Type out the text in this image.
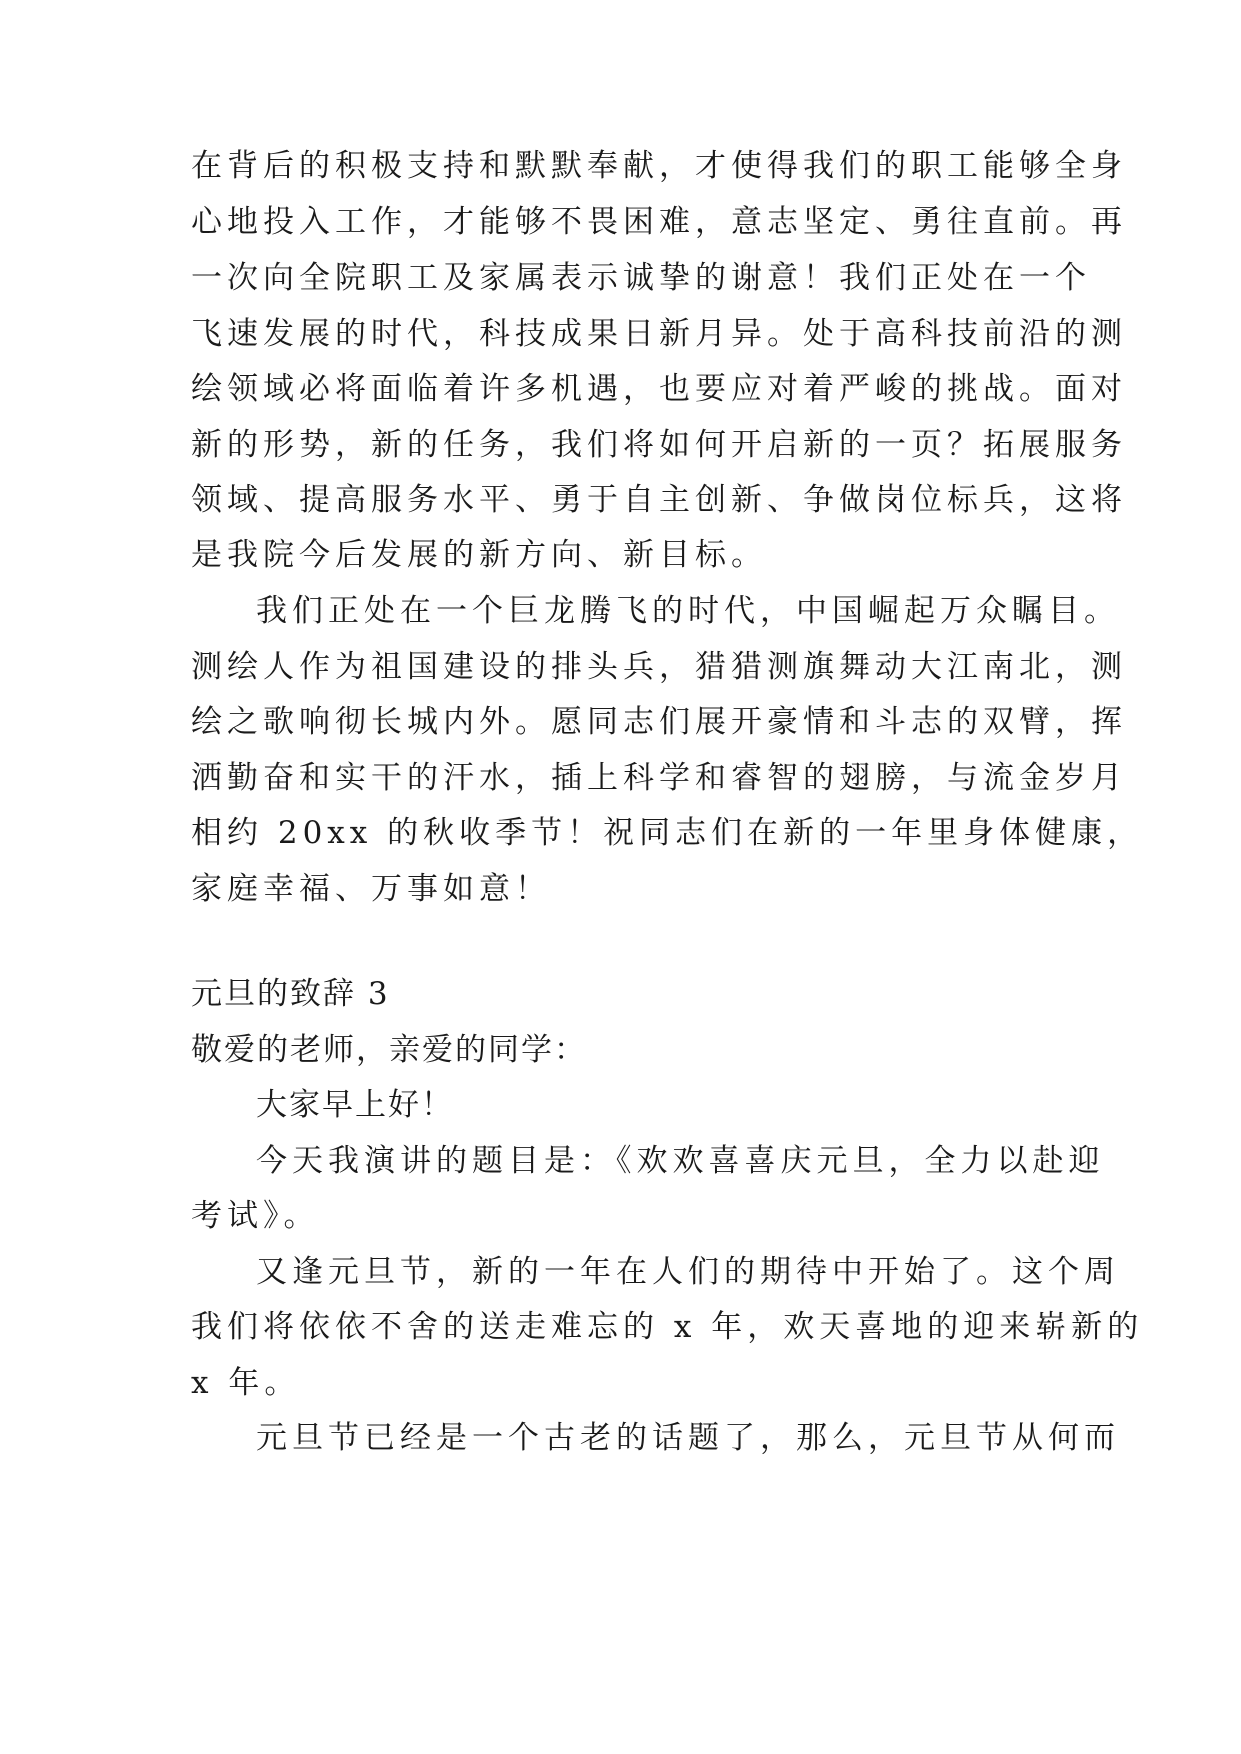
在背后的积极支持和默默奉献，才使得我们的职工能够全身
心地投入工作，才能够不畏困难，意志坚定、勇往直前。再
一次向全院职工及家属表示诚挚的谢意！我们正处在一个
飞速发展的时代，科技成果日新月异。处于高科技前沿的测
绘领域必将面临着许多机遇，也要应对着严峻的挑战。面对
新的形势，新的任务，我们将如何开启新的一页？拓展服务
领域、提高服务水平、勇于自主创新、争做岗位标兵，这将
是我院今后发展的新方向、新目标。
我们正处在一个巨龙腾飞的时代，中国崛起万众瞩目。
测绘人作为祖国建设的排头兵，猎猎测旗舞动大江南北，测
绘之歌响彻长城内外。愿同志们展开豪情和斗志的双臂，挥
洒勤奋和实干的汗水，插上科学和睿智的翅膀，与流金岁月
相约 20xx 的秋收季节！祝同志们在新的一年里身体健康，
家庭幸福、万事如意！
元旦的致辞 3
敬爱的老师，亲爱的同学：
大家早上好！
今天我演讲的题目是：《欢欢喜喜庆元旦，全力以赴迎
考试》。
又逢元旦节，新的一年在人们的期待中开始了。这个周
我们将依依不舍的送走难忘的 x 年，欢天喜地的迎来崭新的
x 年。
元旦节已经是一个古老的话题了，那么，元旦节从何而
